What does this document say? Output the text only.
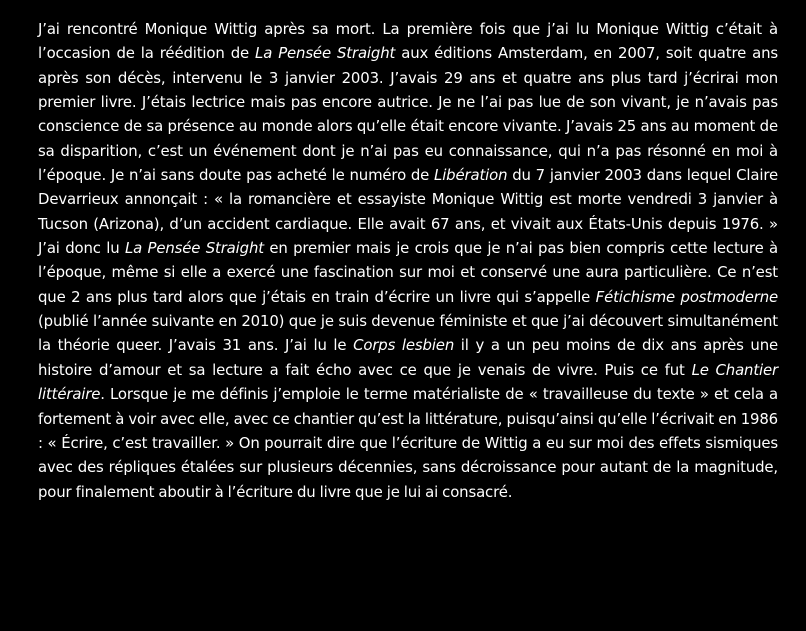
J’ai rencontré Monique Wittig après sa mort. La première fois que j’ai lu Monique Wittig c’était à l’occasion de la réédition de La Pensée Straight aux éditions Amsterdam, en 2007, soit quatre ans après son décès, intervenu le 3 janvier 2003. J’avais 29 ans et quatre ans plus tard j’écrirai mon premier livre. J’étais lectrice mais pas encore autrice. Je ne l’ai pas lue de son vivant, je n’avais pas conscience de sa présence au monde alors qu’elle était encore vivante. J’avais 25 ans au moment de sa disparition, c’est un événement dont je n’ai pas eu connaissance, qui n’a pas résonné en moi à l’époque. Je n’ai sans doute pas acheté le numéro de Libération du 7 janvier 2003 dans lequel Claire Devarrieux annonçait : « la romancière et essayiste Monique Wittig est morte vendredi 3 janvier à Tucson (Arizona), d’un accident cardiaque. Elle avait 67 ans, et vivait aux États-Unis depuis 1976. » J’ai donc lu La Pensée Straight en premier mais je crois que je n’ai pas bien compris cette lecture à l’époque, même si elle a exercé une fascination sur moi et conservé une aura particulière. Ce n’est que 2 ans plus tard alors que j’étais en train d’écrire un livre qui s’appelle Fétichisme postmoderne (publié l’année suivante en 2010) que je suis devenue féministe et que j’ai découvert simultanément la théorie queer. J’avais 31 ans. J’ai lu le Corps lesbien il y a un peu moins de dix ans après une histoire d’amour et sa lecture a fait écho avec ce que je venais de vivre. Puis ce fut Le Chantier littéraire. Lorsque je me définis j’emploie le terme matérialiste de « travailleuse du texte » et cela a fortement à voir avec elle, avec ce chantier qu’est la littérature, puisqu’ainsi qu’elle l’écrivait en 1986 : « Écrire, c’est travailler. » On pourrait dire que l’écriture de Wittig a eu sur moi des effets sismiques avec des répliques étalées sur plusieurs décennies, sans décroissance pour autant de la magnitude, pour finalement aboutir à l’écriture du livre que je lui ai consacré.
